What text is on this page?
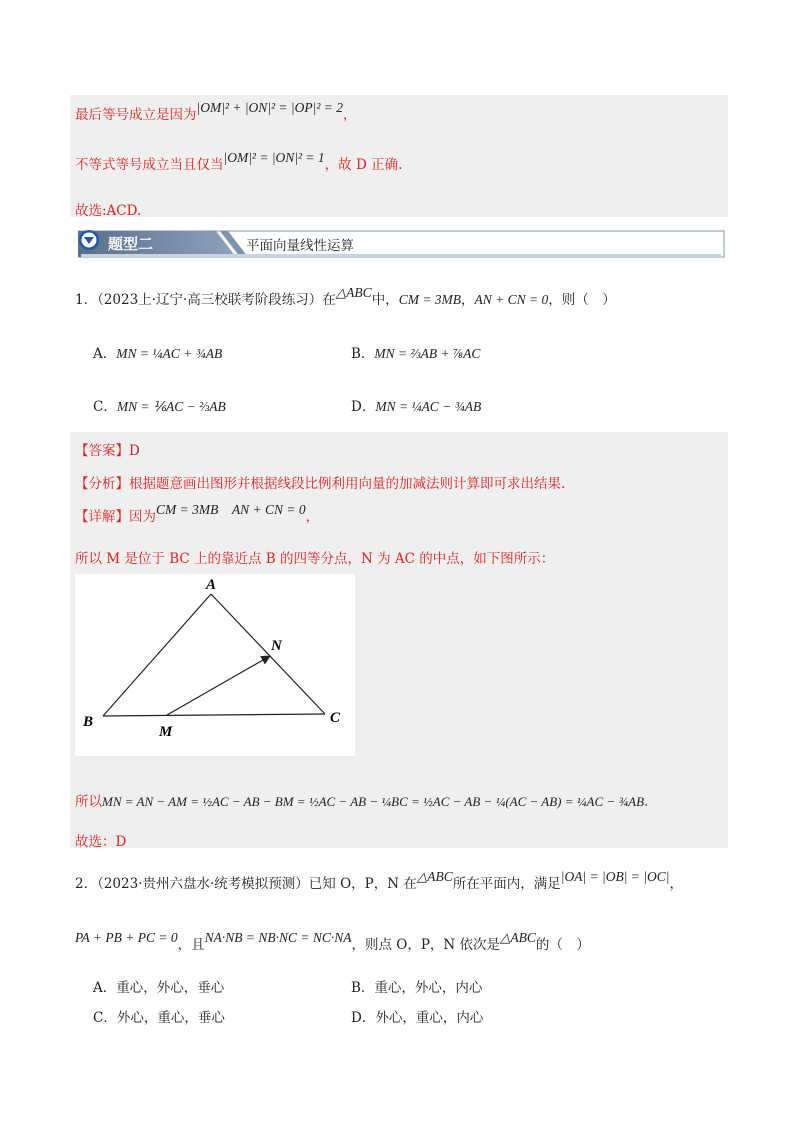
最后等号成立是因为|OM|² + |ON|² = |OP|² = 2，
不等式等号成立当且仅当|OM|² = |ON|² = 1，故 D 正确.
故选:ACD.
题型二	平面向量线性运算
1．（2023上·辽宁·高三校联考阶段练习）在△ABC中，CM = 3MB，AN + CN = 0，则（　）
A．MN = ¼AC + ¾AB	B．MN = ⅔AB + ⅞AC
C．MN = ⅙AC − ⅔AB	D．MN = ¼AC − ¾AB
【答案】D
【分析】根据题意画出图形并根据线段比例利用向量的加减法则计算即可求出结果.
【详解】因为CM = 3MB　 AN + CN = 0，
所以 M 是位于 BC 上的靠近点 B 的四等分点，N 为 AC 的中点，如下图所示：
A
B	C
M
N
所以MN = AN − AM = ½AC − AB − BM = ½AC − AB − ¼BC = ½AC − AB − ¼(AC − AB) = ¼AC − ¾AB.
故选：D
2．（2023·贵州六盘水·统考模拟预测）已知 O，P，N 在△ABC所在平面内，满足|OA| = |OB| = |OC|，
PA + PB + PC = 0，且NA·NB = NB·NC = NC·NA，则点 O，P，N 依次是△ABC的（　）
A．重心，外心，垂心	B．重心，外心，内心
C．外心，重心，垂心	D．外心，重心，内心
